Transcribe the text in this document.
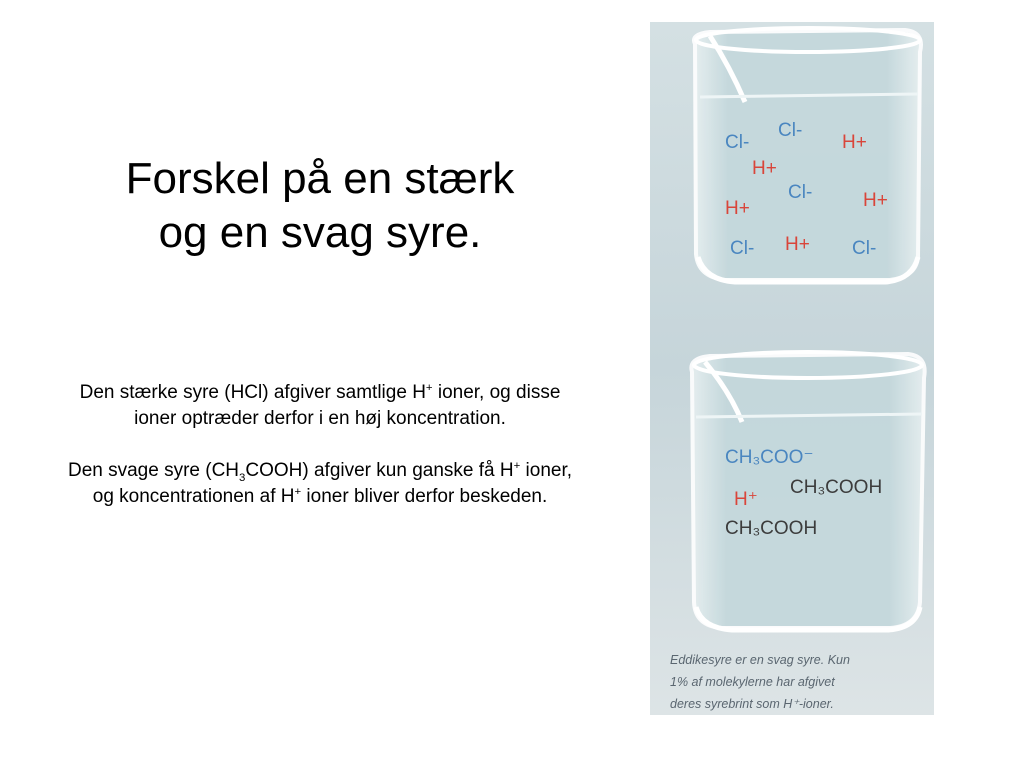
Forskel på en stærk
og en svag syre.

Den stærke syre (HCl) afgiver samtlige H+ ioner, og disse ioner optræder derfor i en høj koncentration.

Den svage syre $(CH_3COOH)$ afgiver kun ganske få H+ ioner, og koncentrationen af H+ ioner bliver derfor beskeden.

Cl-
Cl-
H+
H+
Cl-
H+	H+
Cl- H+ Cl-
CH₃COO⁻
CH₃COOH
H⁺
CH₃COOH
Eddikesyre er en svag syre. Kun
1% af molekylerne har afgivet
deres syrebrint som H⁺-ioner.
